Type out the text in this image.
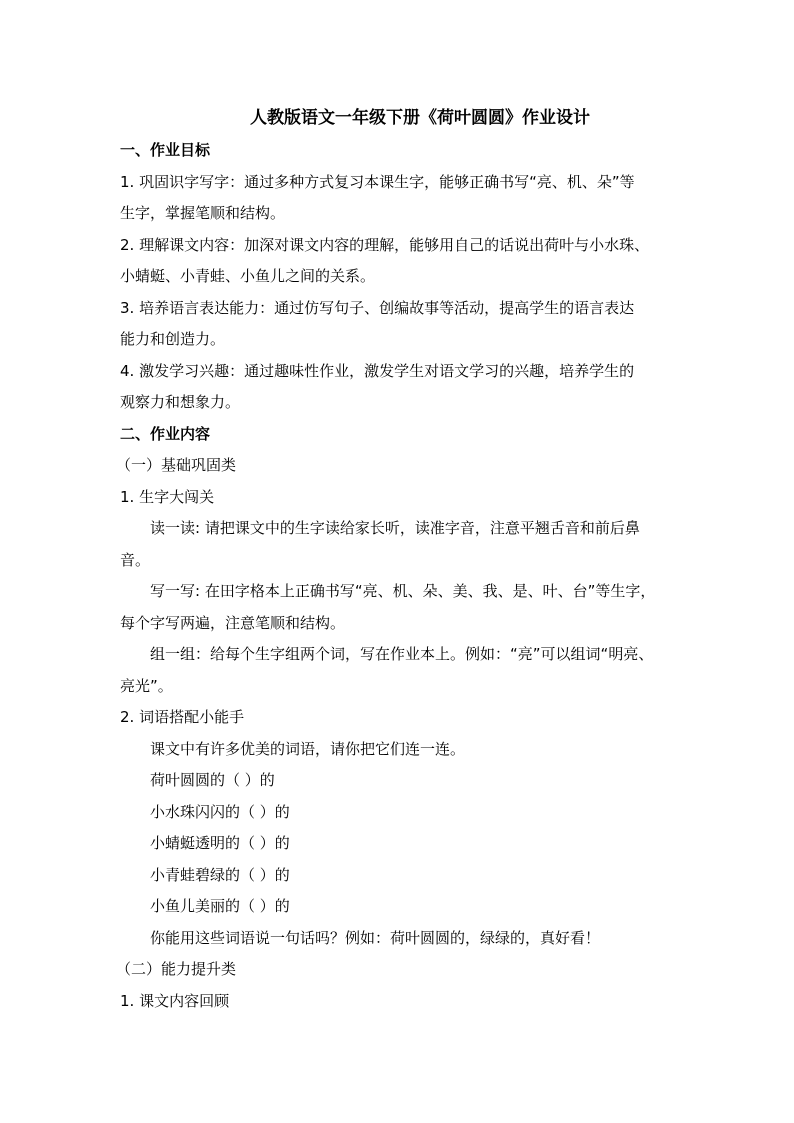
人教版语文一年级下册《荷叶圆圆》作业设计
一、作业目标
1. 巩固识字写字：通过多种方式复习本课生字，能够正确书写“亮、机、朵”等
生字，掌握笔顺和结构。
2. 理解课文内容：加深对课文内容的理解，能够用自己的话说出荷叶与小水珠、
小蜻蜓、小青蛙、小鱼儿之间的关系。
3. 培养语言表达能力：通过仿写句子、创编故事等活动，提高学生的语言表达
能力和创造力。
4. 激发学习兴趣：通过趣味性作业，激发学生对语文学习的兴趣，培养学生的
观察力和想象力。
二、作业内容
（一）基础巩固类
1. 生字大闯关
读一读: 请把课文中的生字读给家长听，读准字音，注意平翘舌音和前后鼻
音。
写一写: 在田字格本上正确书写“亮、机、朵、美、我、是、叶、台”等生字，
每个字写两遍，注意笔顺和结构。
组一组：给每个生字组两个词，写在作业本上。例如：“亮”可以组词“明亮、
亮光”。
2. 词语搭配小能手
课文中有许多优美的词语，请你把它们连一连。
荷叶圆圆的（ ）的
小水珠闪闪的（ ）的
小蜻蜓透明的（ ）的
小青蛙碧绿的（ ）的
小鱼儿美丽的（ ）的
你能用这些词语说一句话吗？例如：荷叶圆圆的，绿绿的，真好看！
（二）能力提升类
1. 课文内容回顾
